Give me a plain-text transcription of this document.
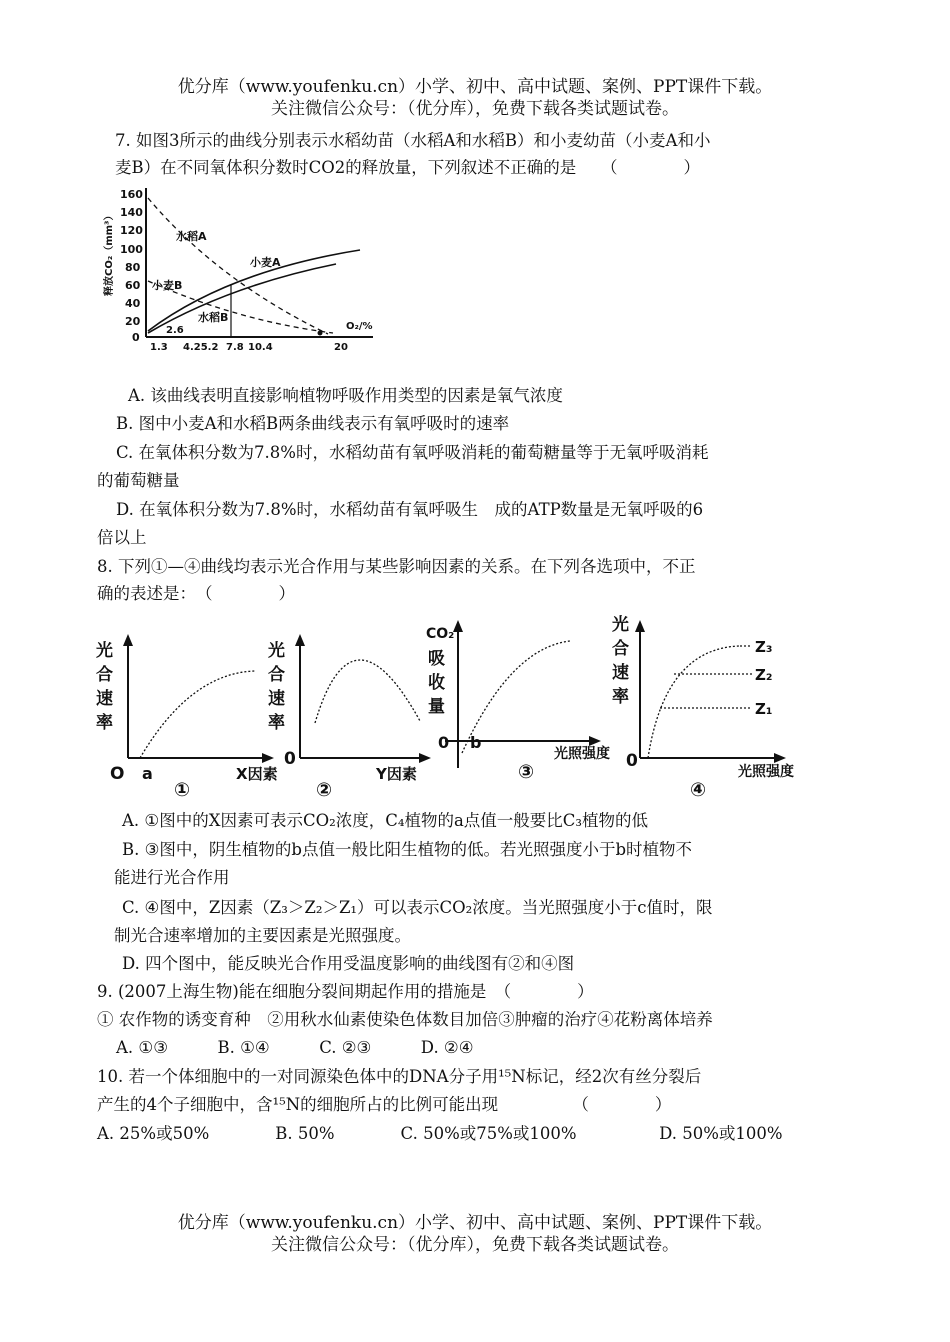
优分库（www.youfenku.cn）小学、初中、高中试题、案例、PPT课件下载。
关注微信公众号：（优分库），免费下载各类试题试卷。
7. 如图3所示的曲线分别表示水稻幼苗（水稻A和水稻B）和小麦幼苗（小麦A和小
麦B）在不同氧体积分数时CO2的释放量，下列叙述不正确的是　　（　　　　）
160
140
120
100
80
60
40
20
0
释放CO₂（mm³）
1.3 4.25.2 7.8 10.4	20
O₂/%
水稻A
小麦A
小麦B
水稻B
2.6
A. 该曲线表明直接影响植物呼吸作用类型的因素是氧气浓度
B. 图中小麦A和水稻B两条曲线表示有氧呼吸时的速率
C. 在氧体积分数为7.8%时，水稻幼苗有氧呼吸消耗的葡萄糖量等于无氧呼吸消耗
的葡萄糖量
D. 在氧体积分数为7.8%时，水稻幼苗有氧呼吸生　成的ATP数量是无氧呼吸的6
倍以上
8. 下列①—④曲线均表示光合作用与某些影响因素的关系。在下列各选项中，不正
确的表述是：　（　　　　）
光
合
速
率
O a	X因素
①
光
合
速
率
0
Y因素
②
CO₂
吸
收
量
0 b
光照强度
③
光
合
速
率
0
Z₃
Z₂
Z₁
光照强度
④
A. ①图中的X因素可表示CO₂浓度，C₄植物的a点值一般要比C₃植物的低
B. ③图中，阴生植物的b点值一般比阳生植物的低。若光照强度小于b时植物不
能进行光合作用
C. ④图中，Z因素（Z₃＞Z₂＞Z₁）可以表示CO₂浓度。当光照强度小于c值时，限
制光合速率增加的主要因素是光照强度。
D. 四个图中，能反映光合作用受温度影响的曲线图有②和④图
9. (2007上海生物)能在细胞分裂间期起作用的措施是　（　　　　）
① 农作物的诱变育种　②用秋水仙素使染色体数目加倍③肿瘤的治疗④花粉离体培养
A. ①③　　　B. ①④　　　C. ②③　　　D. ②④
10. 若一个体细胞中的一对同源染色体中的DNA分子用¹⁵N标记，经2次有丝分裂后
产生的4个子细胞中，含¹⁵N的细胞所占的比例可能出现　　　　　（　　　　）
A. 25%或50%　　　　B. 50%　　　　C. 50%或75%或100%　　　　　D. 50%或100%
优分库（www.youfenku.cn）小学、初中、高中试题、案例、PPT课件下载。
关注微信公众号：（优分库），免费下载各类试题试卷。
